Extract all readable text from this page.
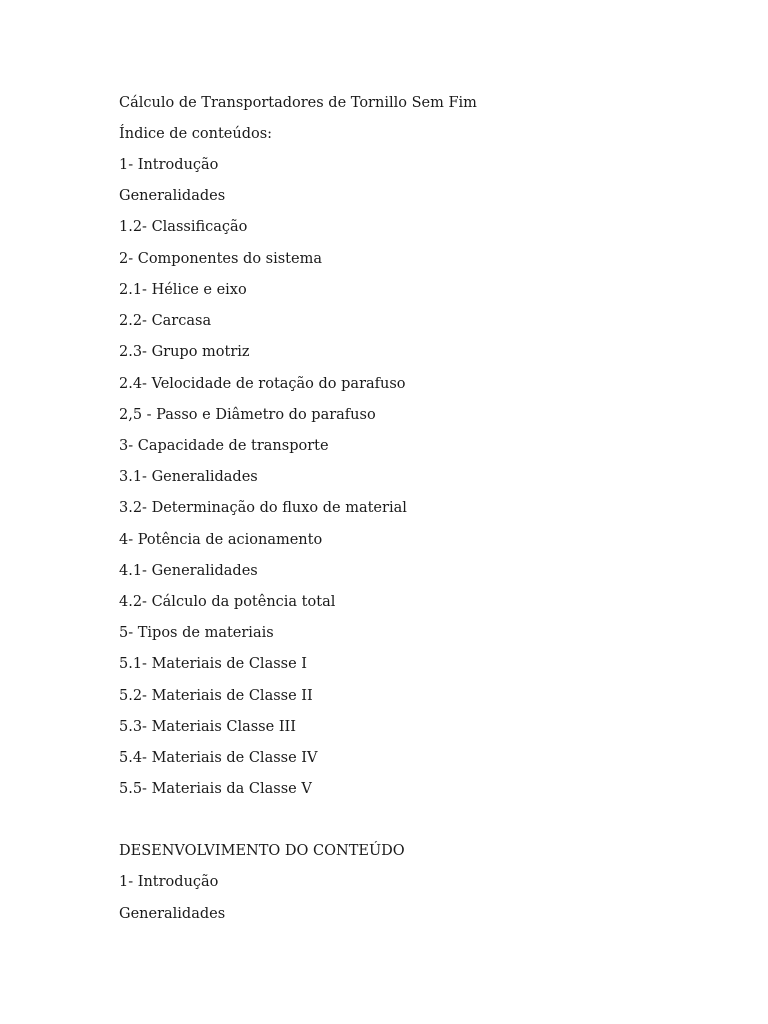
Cálculo de Transportadores de Tornillo Sem Fim
Índice de conteúdos:
1- Introdução
Generalidades
1.2- Classificação
2- Componentes do sistema
2.1- Hélice e eixo
2.2- Carcasa
2.3- Grupo motriz
2.4- Velocidade de rotação do parafuso
2,5 - Passo e Diâmetro do parafuso
3- Capacidade de transporte
3.1- Generalidades
3.2- Determinação do fluxo de material
4- Potência de acionamento
4.1- Generalidades
4.2- Cálculo da potência total
5- Tipos de materiais
5.1- Materiais de Classe I
5.2- Materiais de Classe II
5.3- Materiais Classe III
5.4- Materiais de Classe IV
5.5- Materiais da Classe V
DESENVOLVIMENTO DO CONTEÚDO
1- Introdução
Generalidades
